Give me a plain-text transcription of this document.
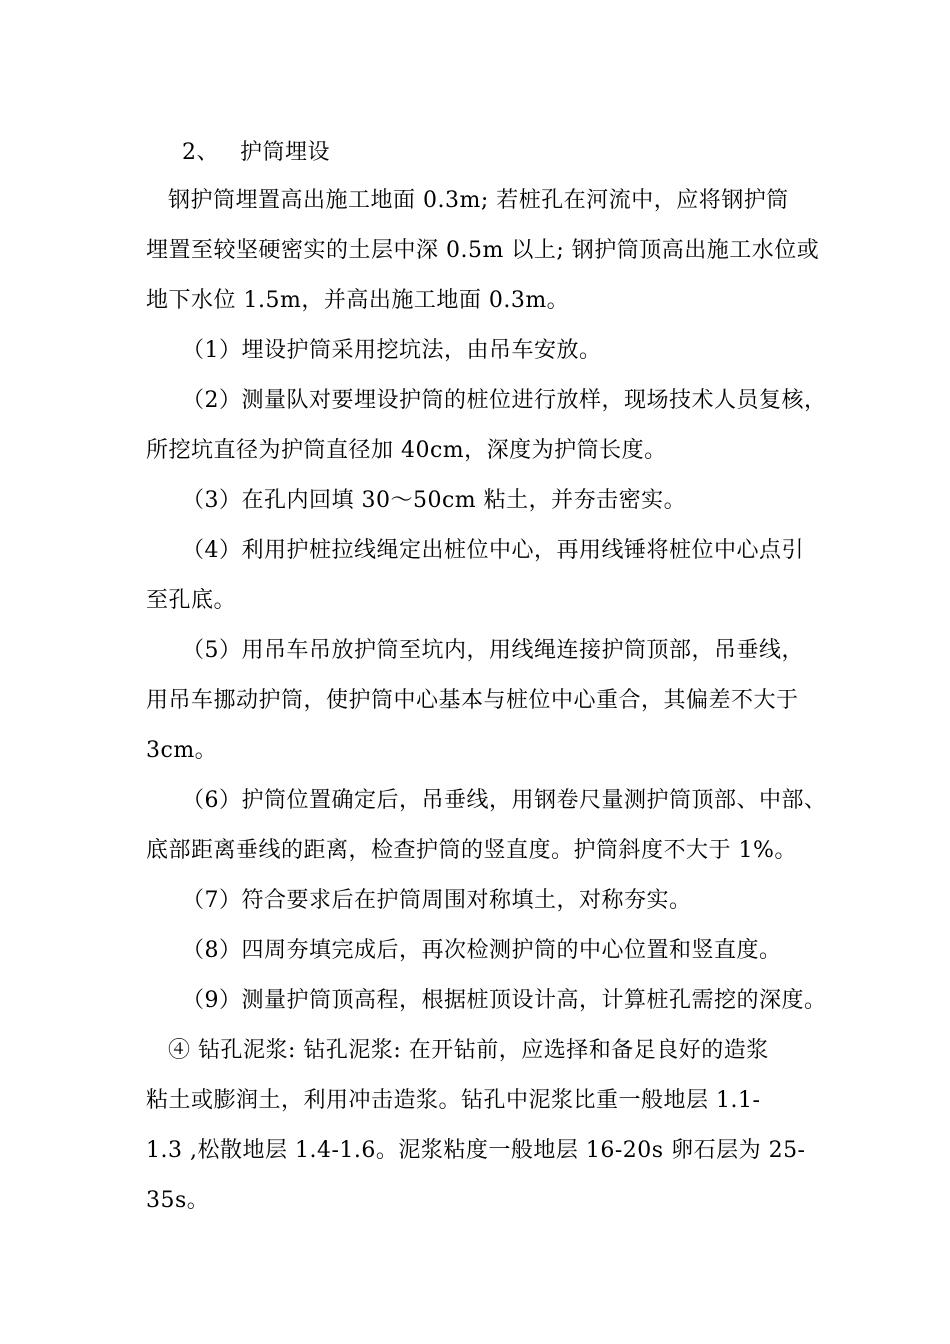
2、 护筒埋设
钢护筒埋置高出施工地面 0.3m; 若桩孔在河流中，应将钢护筒
埋置至较坚硬密实的土层中深 0.5m 以上; 钢护筒顶高出施工水位或
地下水位 1.5m，并高出施工地面 0.3m。
（1）埋设护筒采用挖坑法，由吊车安放。
（2）测量队对要埋设护筒的桩位进行放样，现场技术人员复核，
所挖坑直径为护筒直径加 40cm，深度为护筒长度。
（3）在孔内回填 30～50cm 粘土，并夯击密实。
（4）利用护桩拉线绳定出桩位中心，再用线锤将桩位中心点引
至孔底。
（5）用吊车吊放护筒至坑内，用线绳连接护筒顶部，吊垂线，
用吊车挪动护筒，使护筒中心基本与桩位中心重合，其偏差不大于
3cm。
（6）护筒位置确定后，吊垂线，用钢卷尺量测护筒顶部、中部、
底部距离垂线的距离，检查护筒的竖直度。护筒斜度不大于 1%。
（7）符合要求后在护筒周围对称填土，对称夯实。
（8）四周夯填完成后，再次检测护筒的中心位置和竖直度。
（9）测量护筒顶高程，根据桩顶设计高，计算桩孔需挖的深度。
④ 钻孔泥浆: 钻孔泥浆: 在开钻前，应选择和备足良好的造浆
粘土或膨润土，利用冲击造浆。钻孔中泥浆比重一般地层 1.1-
1.3 ,松散地层 1.4-1.6。泥浆粘度一般地层 16-20s 卵石层为 25-
35s。
